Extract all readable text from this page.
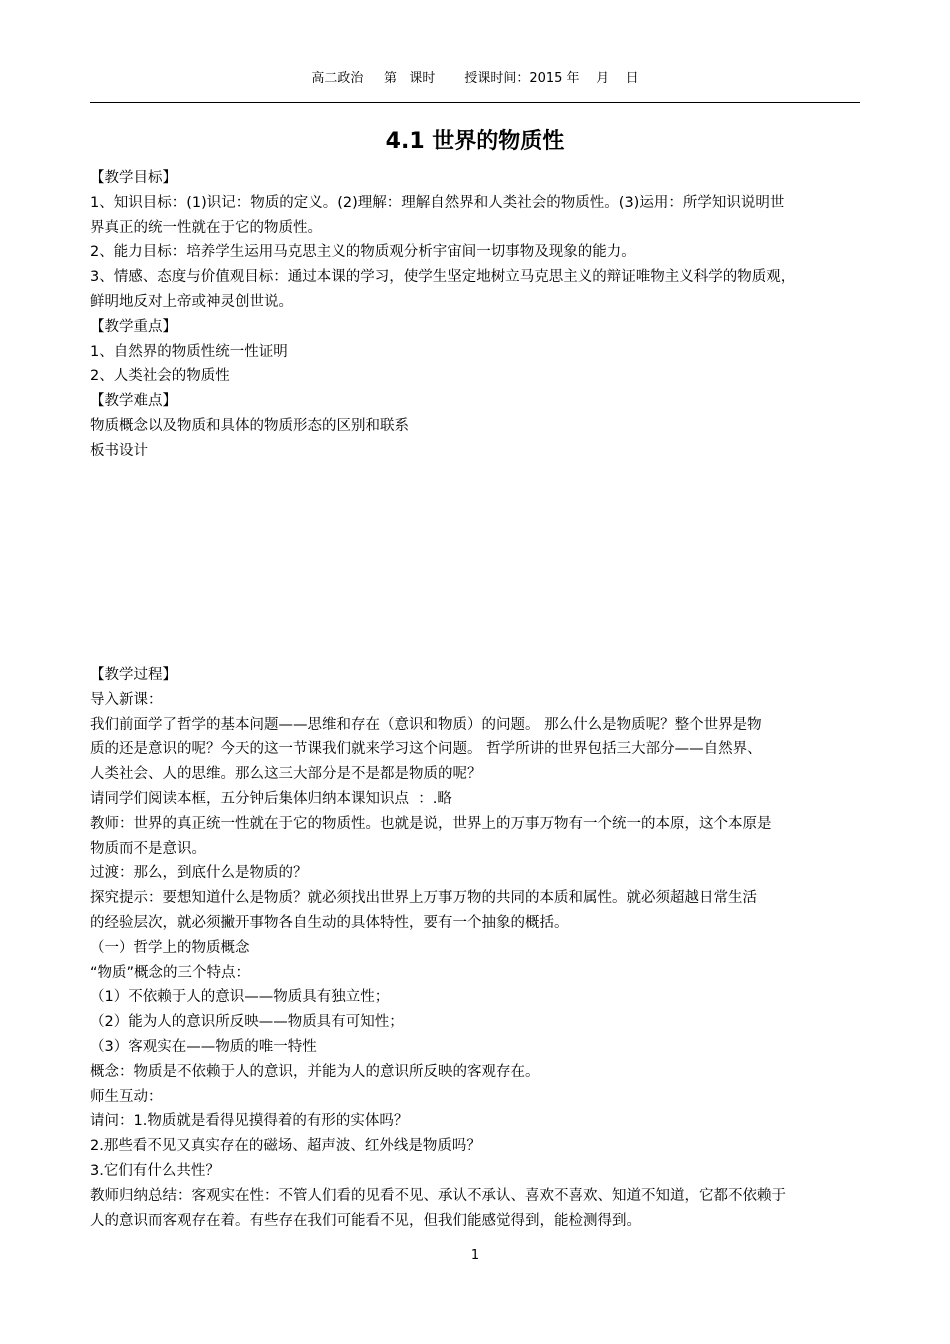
高二政治     第   课时       授课时间：2015 年    月    日
4.1 世界的物质性
【教学目标】
1、知识目标：(1)识记：物质的定义。(2)理解：理解自然界和人类社会的物质性。(3)运用：所学知识说明世
界真正的统一性就在于它的物质性。
2、能力目标：培养学生运用马克思主义的物质观分析宇宙间一切事物及现象的能力。
3、情感、态度与价值观目标：通过本课的学习，使学生坚定地树立马克思主义的辩证唯物主义科学的物质观，
鲜明地反对上帝或神灵创世说。
【教学重点】
1、自然界的物质性统一性证明
2、人类社会的物质性
【教学难点】
物质概念以及物质和具体的物质形态的区别和联系
板书设计
【教学过程】
导入新课：
我们前面学了哲学的基本问题——思维和存在（意识和物质）的问题。 那么什么是物质呢？整个世界是物
质的还是意识的呢？今天的这一节课我们就来学习这个问题。 哲学所讲的世界包括三大部分——自然界、
人类社会、人的思维。那么这三大部分是不是都是物质的呢？
请同学们阅读本框，五分钟后集体归纳本课知识点  ：.略
教师：世界的真正统一性就在于它的物质性。也就是说，世界上的万事万物有一个统一的本原，这个本原是
物质而不是意识。
过渡：那么，到底什么是物质的？
探究提示：要想知道什么是物质？就必须找出世界上万事万物的共同的本质和属性。就必须超越日常生活
的经验层次，就必须撇开事物各自生动的具体特性，要有一个抽象的概括。
（一）哲学上的物质概念
“物质”概念的三个特点：
（1）不依赖于人的意识——物质具有独立性；
（2）能为人的意识所反映——物质具有可知性；
（3）客观实在——物质的唯一特性
概念：物质是不依赖于人的意识，并能为人的意识所反映的客观存在。
师生互动：
请问：1.物质就是看得见摸得着的有形的实体吗？
2.那些看不见又真实存在的磁场、超声波、红外线是物质吗？
3.它们有什么共性？
教师归纳总结：客观实在性：不管人们看的见看不见、承认不承认、喜欢不喜欢、知道不知道，它都不依赖于
人的意识而客观存在着。有些存在我们可能看不见，但我们能感觉得到，能检测得到。
1
